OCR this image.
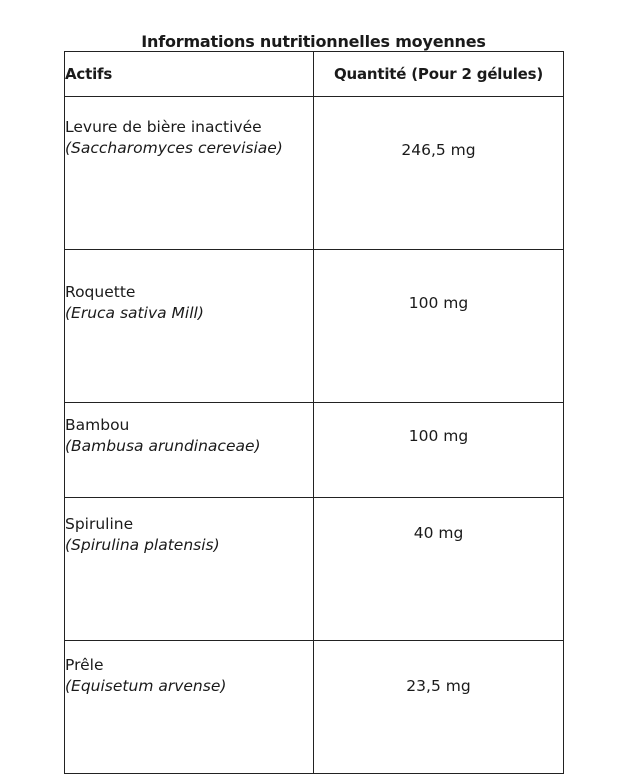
Informations nutritionnelles moyennes
Actifs	Quantité (Pour 2 gélules)

Levure de bière inactivée
(Saccharomyces cerevisiae)	246,5 mg

Roquette
(Eruca sativa Mill)	100 mg

Bambou
(Bambusa arundinaceae)	100 mg

Spiruline
(Spirulina platensis)	40 mg

Prêle
(Equisetum arvense)	23,5 mg
